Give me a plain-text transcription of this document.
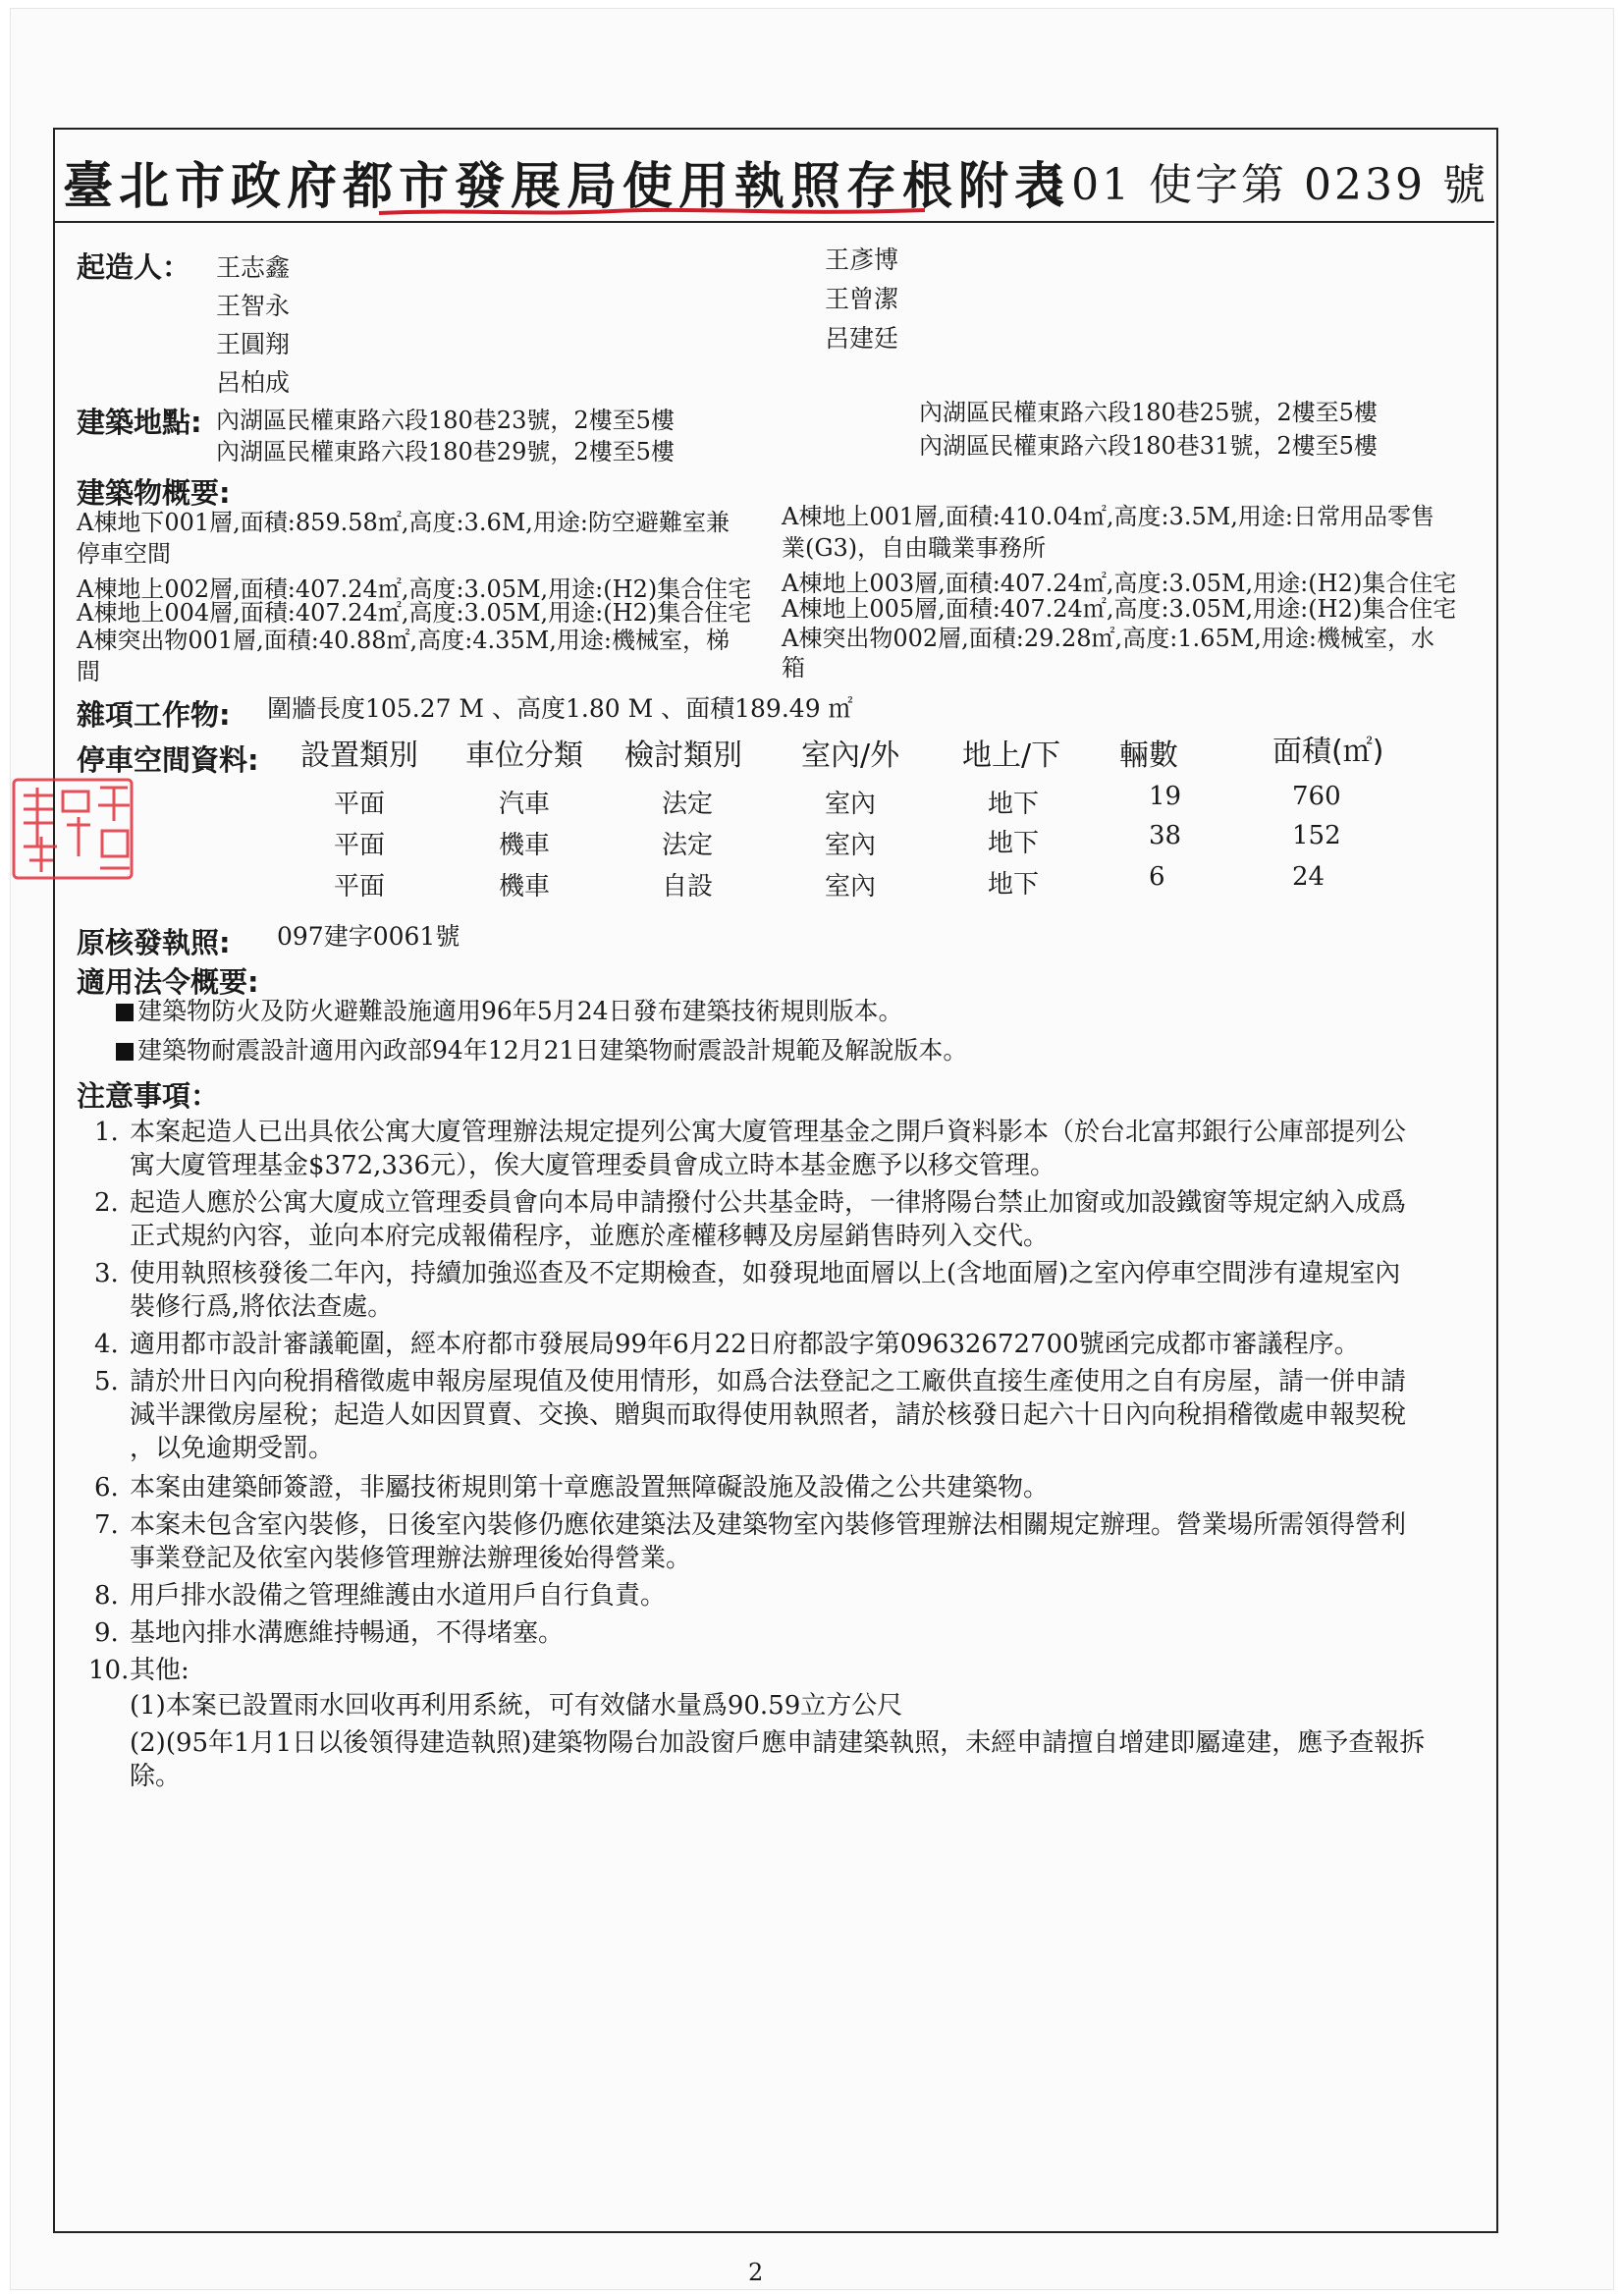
臺北市政府都市發展局使用執照存根附表
101 使字第 0239 號
起造人： 王志鑫
王智永
王圓翔
呂柏成
王彥博
王曾潔
呂建廷
建築地點: 內湖區民權東路六段180巷23號，2樓至5樓	內湖區民權東路六段180巷25號，2樓至5樓
內湖區民權東路六段180巷29號，2樓至5樓	內湖區民權東路六段180巷31號，2樓至5樓
建築物概要:
A棟地下001層,面積:859.58㎡,高度:3.6M,用途:防空避難室兼
停車空間
A棟地上002層,面積:407.24㎡,高度:3.05M,用途:(H2)集合住宅
A棟地上004層,面積:407.24㎡,高度:3.05M,用途:(H2)集合住宅
A棟突出物001層,面積:40.88㎡,高度:4.35M,用途:機械室，梯
間
A棟地上001層,面積:410.04㎡,高度:3.5M,用途:日常用品零售
業(G3)，自由職業事務所
A棟地上003層,面積:407.24㎡,高度:3.05M,用途:(H2)集合住宅
A棟地上005層,面積:407.24㎡,高度:3.05M,用途:(H2)集合住宅
A棟突出物002層,面積:29.28㎡,高度:1.65M,用途:機械室，水
箱
雜項工作物: 圍牆長度105.27 M 、高度1.80 M 、面積189.49 ㎡
停車空間資料: 設置類別 車位分類 檢討類別 室內/外 地上/下 輛數	面積(㎡)
平面	汽車	法定	室內	地下	19	760
平面	機車	法定	室內	地下	38	152
平面	機車	自設	室內	地下	6	24
原核發執照: 097建字0061號
適用法令概要:
建築物防火及防火避難設施適用96年5月24日發布建築技術規則版本。
建築物耐震設計適用內政部94年12月21日建築物耐震設計規範及解說版本。
注意事項：
1. 本案起造人已出具依公寓大廈管理辦法規定提列公寓大廈管理基金之開戶資料影本（於台北富邦銀行公庫部提列公
寓大廈管理基金$372,336元），俟大廈管理委員會成立時本基金應予以移交管理。
2. 起造人應於公寓大廈成立管理委員會向本局申請撥付公共基金時，一律將陽台禁止加窗或加設鐵窗等規定納入成爲
正式規約內容，並向本府完成報備程序，並應於產權移轉及房屋銷售時列入交代。
3. 使用執照核發後二年內，持續加強巡查及不定期檢查，如發現地面層以上(含地面層)之室內停車空間涉有違規室內
裝修行爲,將依法查處。
4. 適用都市設計審議範圍，經本府都市發展局99年6月22日府都設字第09632672700號函完成都市審議程序。
5. 請於卅日內向稅捐稽徵處申報房屋現值及使用情形，如爲合法登記之工廠供直接生產使用之自有房屋，請一併申請
減半課徵房屋稅；起造人如因買賣、交換、贈與而取得使用執照者，請於核發日起六十日內向稅捐稽徵處申報契稅
，以免逾期受罰。
6. 本案由建築師簽證，非屬技術規則第十章應設置無障礙設施及設備之公共建築物。
7. 本案未包含室內裝修，日後室內裝修仍應依建築法及建築物室內裝修管理辦法相關規定辦理。營業場所需領得營利
事業登記及依室內裝修管理辦法辦理後始得營業。
8. 用戶排水設備之管理維護由水道用戶自行負責。
9. 基地內排水溝應維持暢通，不得堵塞。
10.其他:
(1)本案已設置雨水回收再利用系統，可有效儲水量爲90.59立方公尺
(2)(95年1月1日以後領得建造執照)建築物陽台加設窗戶應申請建築執照，未經申請擅自增建即屬違建，應予查報拆
除。
2
